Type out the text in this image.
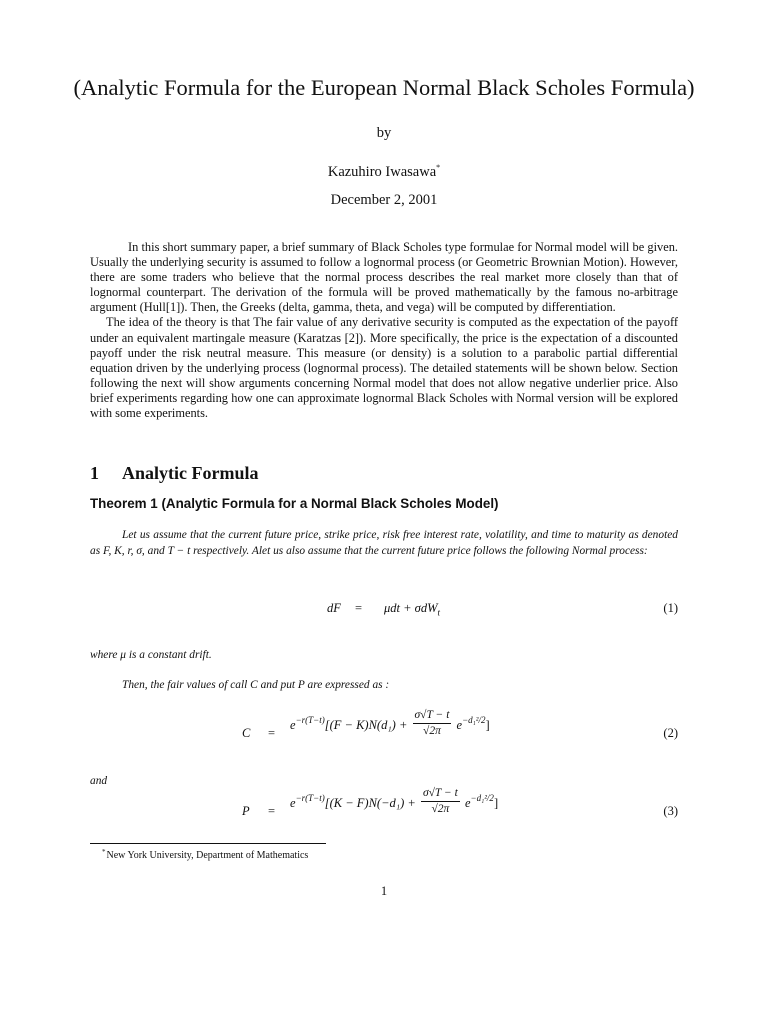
(Analytic Formula for the European Normal Black Scholes Formula)
by
Kazuhiro Iwasawa*
December 2, 2001

In this short summary paper, a brief summary of Black Scholes type formulae for Normal model will be given. Usually the underlying security is assumed to follow a lognormal process (or Geometric Brownian Motion). However, there are some traders who believe that the normal process describes the real market more closely than that of lognormal counterpart. The derivation of the formula will be proved mathematically by the famous no-arbitrage argument (Hull[1]). Then, the Greeks (delta, gamma, theta, and vega) will be computed by differentiation.

The idea of the theory is that The fair value of any derivative security is computed as the expectation of the payoff under an equivalent martingale measure (Karatzas [2]). More specifically, the price is the expectation of a discounted payoff under the risk neutral measure. This measure (or density) is a solution to a parabolic partial differential equation driven by the underlying process (lognormal process). The detailed statements will be shown below. Section following the next will show arguments concerning Normal model that does not allow negative underlier price. Also brief experiments regarding how one can approximate lognormal Black Scholes with Normal version will be explored with some experiments.

1 Analytic Formula
Theorem 1 (Analytic Formula for a Normal Black Scholes Model)
Let us assume that the current future price, strike price, risk free interest rate, volatility, and time to maturity as denoted as F, K, r, σ, and T − t respectively. Alet us also assume that the current future price follows the following Normal process:
dF = μdt + σdW$_t$	(1)
where μ is a constant drift.
Then, the fair values of call C and put P are expressed as :
C =
$e^{-r(T-t)}[(F - K)N(d_1) + \frac{\sigma√T - t}{√2\pi} e^{-d_1^2/2}]$
(2)
and
P =
$e^{-r(T-t)}[(K - F)N(-d_1) + \frac{\sigma√T - t}{√2\pi} e^{-d_1^2/2}]$
(3)
*New York University, Department of Mathematics
1
